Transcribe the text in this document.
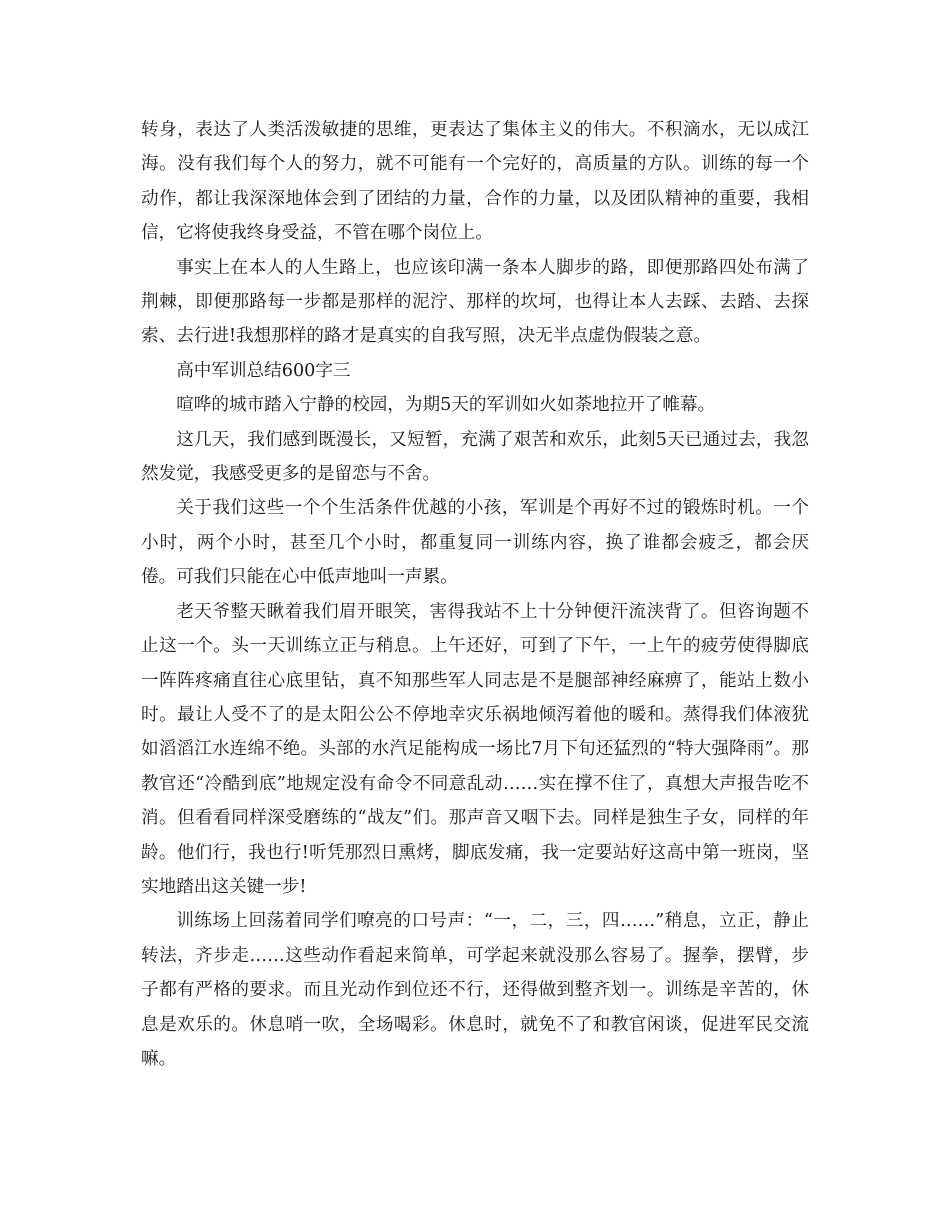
转身，表达了人类活泼敏捷的思维，更表达了集体主义的伟大。不积滴水，无以成江海。没有我们每个人的努力，就不可能有一个完好的，高质量的方队。训练的每一个动作，都让我深深地体会到了团结的力量，合作的力量，以及团队精神的重要，我相信，它将使我终身受益，不管在哪个岗位上。

事实上在本人的人生路上，也应该印满一条本人脚步的路，即便那路四处布满了荆棘，即便那路每一步都是那样的泥泞、那样的坎坷，也得让本人去踩、去踏、去探索、去行进!我想那样的路才是真实的自我写照，决无半点虚伪假装之意。

高中军训总结600字三

喧哗的城市踏入宁静的校园，为期5天的军训如火如荼地拉开了帷幕。

这几天，我们感到既漫长，又短暂，充满了艰苦和欢乐，此刻5天已通过去，我忽然发觉，我感受更多的是留恋与不舍。

关于我们这些一个个生活条件优越的小孩，军训是个再好不过的锻炼时机。一个小时，两个小时，甚至几个小时，都重复同一训练内容，换了谁都会疲乏，都会厌倦。可我们只能在心中低声地叫一声累。

老天爷整天瞅着我们眉开眼笑，害得我站不上十分钟便汗流浃背了。但咨询题不止这一个。头一天训练立正与稍息。上午还好，可到了下午，一上午的疲劳使得脚底一阵阵疼痛直往心底里钻，真不知那些军人同志是不是腿部神经麻痹了，能站上数小时。最让人受不了的是太阳公公不停地幸灾乐祸地倾泻着他的暖和。蒸得我们体液犹如滔滔江水连绵不绝。头部的水汽足能构成一场比7月下旬还猛烈的“特大强降雨”。那教官还“冷酷到底”地规定没有命令不同意乱动……实在撑不住了，真想大声报告吃不消。但看看同样深受磨练的“战友”们。那声音又咽下去。同样是独生子女，同样的年龄。他们行，我也行!听凭那烈日熏烤，脚底发痛，我一定要站好这高中第一班岗，坚实地踏出这关键一步!

训练场上回荡着同学们嘹亮的口号声：“一，二，三，四……”稍息，立正，静止转法，齐步走……这些动作看起来简单，可学起来就没那么容易了。握拳，摆臂，步子都有严格的要求。而且光动作到位还不行，还得做到整齐划一。训练是辛苦的，休息是欢乐的。休息哨一吹，全场喝彩。休息时，就免不了和教官闲谈，促进军民交流嘛。
